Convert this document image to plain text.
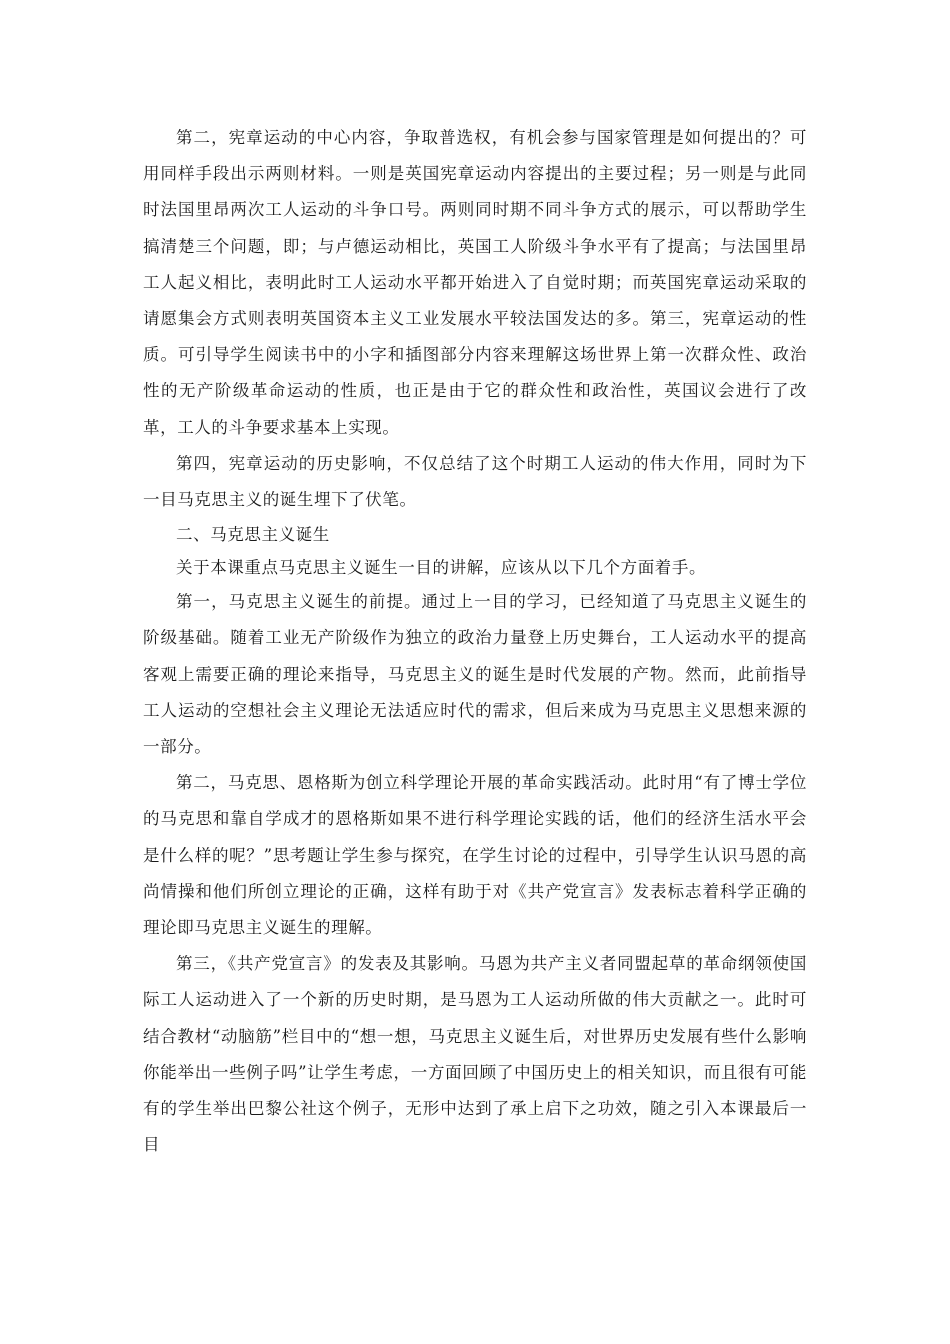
第二，宪章运动的中心内容，争取普选权，有机会参与国家管理是如何提出的？可用同样手段出示两则材料。一则是英国宪章运动内容提出的主要过程；另一则是与此同时法国里昂两次工人运动的斗争口号。两则同时期不同斗争方式的展示，可以帮助学生搞清楚三个问题，即；与卢德运动相比，英国工人阶级斗争水平有了提高；与法国里昂工人起义相比，表明此时工人运动水平都开始进入了自觉时期；而英国宪章运动采取的请愿集会方式则表明英国资本主义工业发展水平较法国发达的多。第三，宪章运动的性质。可引导学生阅读书中的小字和插图部分内容来理解这场世界上第一次群众性、政治性的无产阶级革命运动的性质，也正是由于它的群众性和政治性，英国议会进行了改革，工人的斗争要求基本上实现。

第四，宪章运动的历史影响，不仅总结了这个时期工人运动的伟大作用，同时为下一目马克思主义的诞生埋下了伏笔。

二、马克思主义诞生

关于本课重点马克思主义诞生一目的讲解，应该从以下几个方面着手。

第一，马克思主义诞生的前提。通过上一目的学习，已经知道了马克思主义诞生的阶级基础。随着工业无产阶级作为独立的政治力量登上历史舞台，工人运动水平的提高客观上需要正确的理论来指导，马克思主义的诞生是时代发展的产物。然而，此前指导工人运动的空想社会主义理论无法适应时代的需求，但后来成为马克思主义思想来源的一部分。

第二，马克思、恩格斯为创立科学理论开展的革命实践活动。此时用“有了博士学位的马克思和靠自学成才的恩格斯如果不进行科学理论实践的话，他们的经济生活水平会是什么样的呢？”思考题让学生参与探究，在学生讨论的过程中，引导学生认识马恩的高尚情操和他们所创立理论的正确，这样有助于对《共产党宣言》发表标志着科学正确的理论即马克思主义诞生的理解。

第三，《共产党宣言》的发表及其影响。马恩为共产主义者同盟起草的革命纲领使国际工人运动进入了一个新的历史时期，是马恩为工人运动所做的伟大贡献之一。此时可结合教材“动脑筋”栏目中的“想一想，马克思主义诞生后，对世界历史发展有些什么影响你能举出一些例子吗”让学生考虑，一方面回顾了中国历史上的相关知识，而且很有可能有的学生举出巴黎公社这个例子，无形中达到了承上启下之功效，随之引入本课最后一目
